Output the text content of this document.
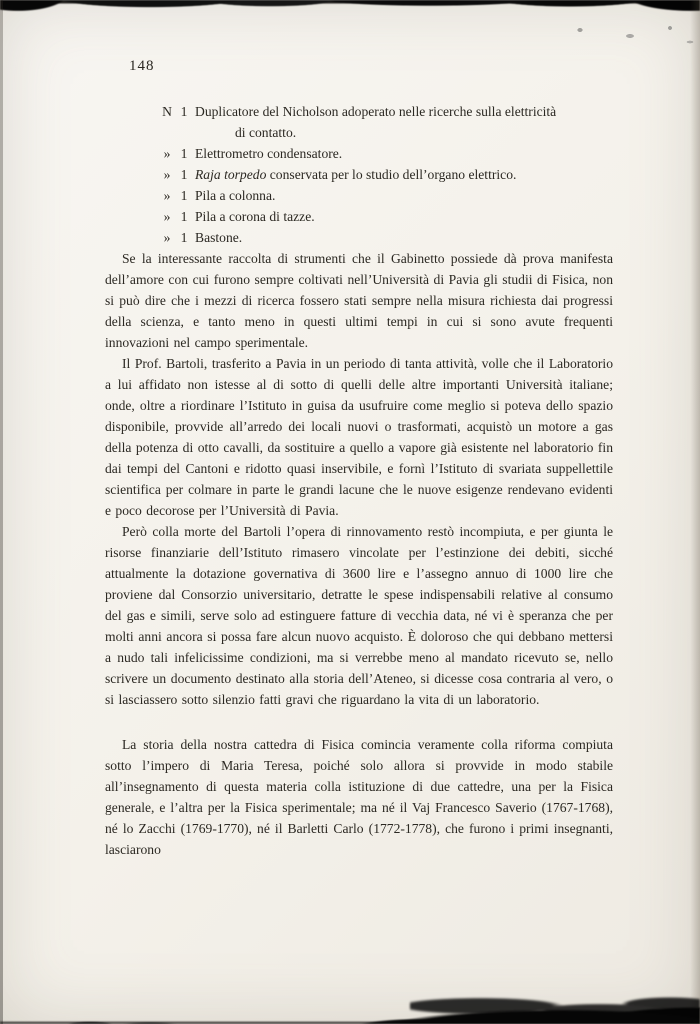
148
N 1 Duplicatore del Nicholson adoperato nelle ricerche sulla elettricità
di contatto.
» 1 Elettrometro condensatore.
» 1 Raja torpedo conservata per lo studio dell’organo elettrico.
» 1 Pila a colonna.
» 1 Pila a corona di tazze.
» 1 Bastone.

Se la interessante raccolta di strumenti che il Gabinetto possiede dà prova manifesta dell’amore con cui furono sempre coltivati nell’Università di Pavia gli studii di Fisica, non si può dire che i mezzi di ricerca fossero stati sempre nella misura richiesta dai progressi della scienza, e tanto meno in questi ultimi tempi in cui si sono avute frequenti innovazioni nel campo sperimentale.

Il Prof. Bartoli, trasferito a Pavia in un periodo di tanta attività, volle che il Laboratorio a lui affidato non istesse al di sotto di quelli delle altre importanti Università italiane; onde, oltre a riordinare l’Istituto in guisa da usufruire come meglio si poteva dello spazio disponibile, provvide all’arredo dei locali nuovi o trasformati, acquistò un motore a gas della potenza di otto cavalli, da sostituire a quello a vapore già esistente nel laboratorio fin dai tempi del Cantoni e ridotto quasi inservibile, e fornì l’Istituto di svariata suppellettile scientifica per colmare in parte le grandi lacune che le nuove esigenze rendevano evidenti e poco decorose per l’Università di Pavia.

Però colla morte del Bartoli l’opera di rinnovamento restò incompiuta, e per giunta le risorse finanziarie dell’Istituto rimasero vincolate per l’estinzione dei debiti, sicché attualmente la dotazione governativa di 3600 lire e l’assegno annuo di 1000 lire che proviene dal Consorzio universitario, detratte le spese indispensabili relative al consumo del gas e simili, serve solo ad estinguere fatture di vecchia data, né vi è speranza che per molti anni ancora si possa fare alcun nuovo acquisto. È doloroso che qui debbano mettersi a nudo tali infelicissime condizioni, ma si verrebbe meno al mandato ricevuto se, nello scrivere un documento destinato alla storia dell’Ateneo, si dicesse cosa contraria al vero, o si lasciassero sotto silenzio fatti gravi che riguardano la vita di un laboratorio.

La storia della nostra cattedra di Fisica comincia veramente colla riforma compiuta sotto l’impero di Maria Teresa, poiché solo allora si provvide in modo stabile all’insegnamento di questa materia colla istituzione di due cattedre, una per la Fisica generale, e l’altra per la Fisica sperimentale; ma né il Vaj Francesco Saverio (1767-1768), né lo Zacchi (1769-1770), né il Barletti Carlo (1772-1778), che furono i primi insegnanti, lasciarono
